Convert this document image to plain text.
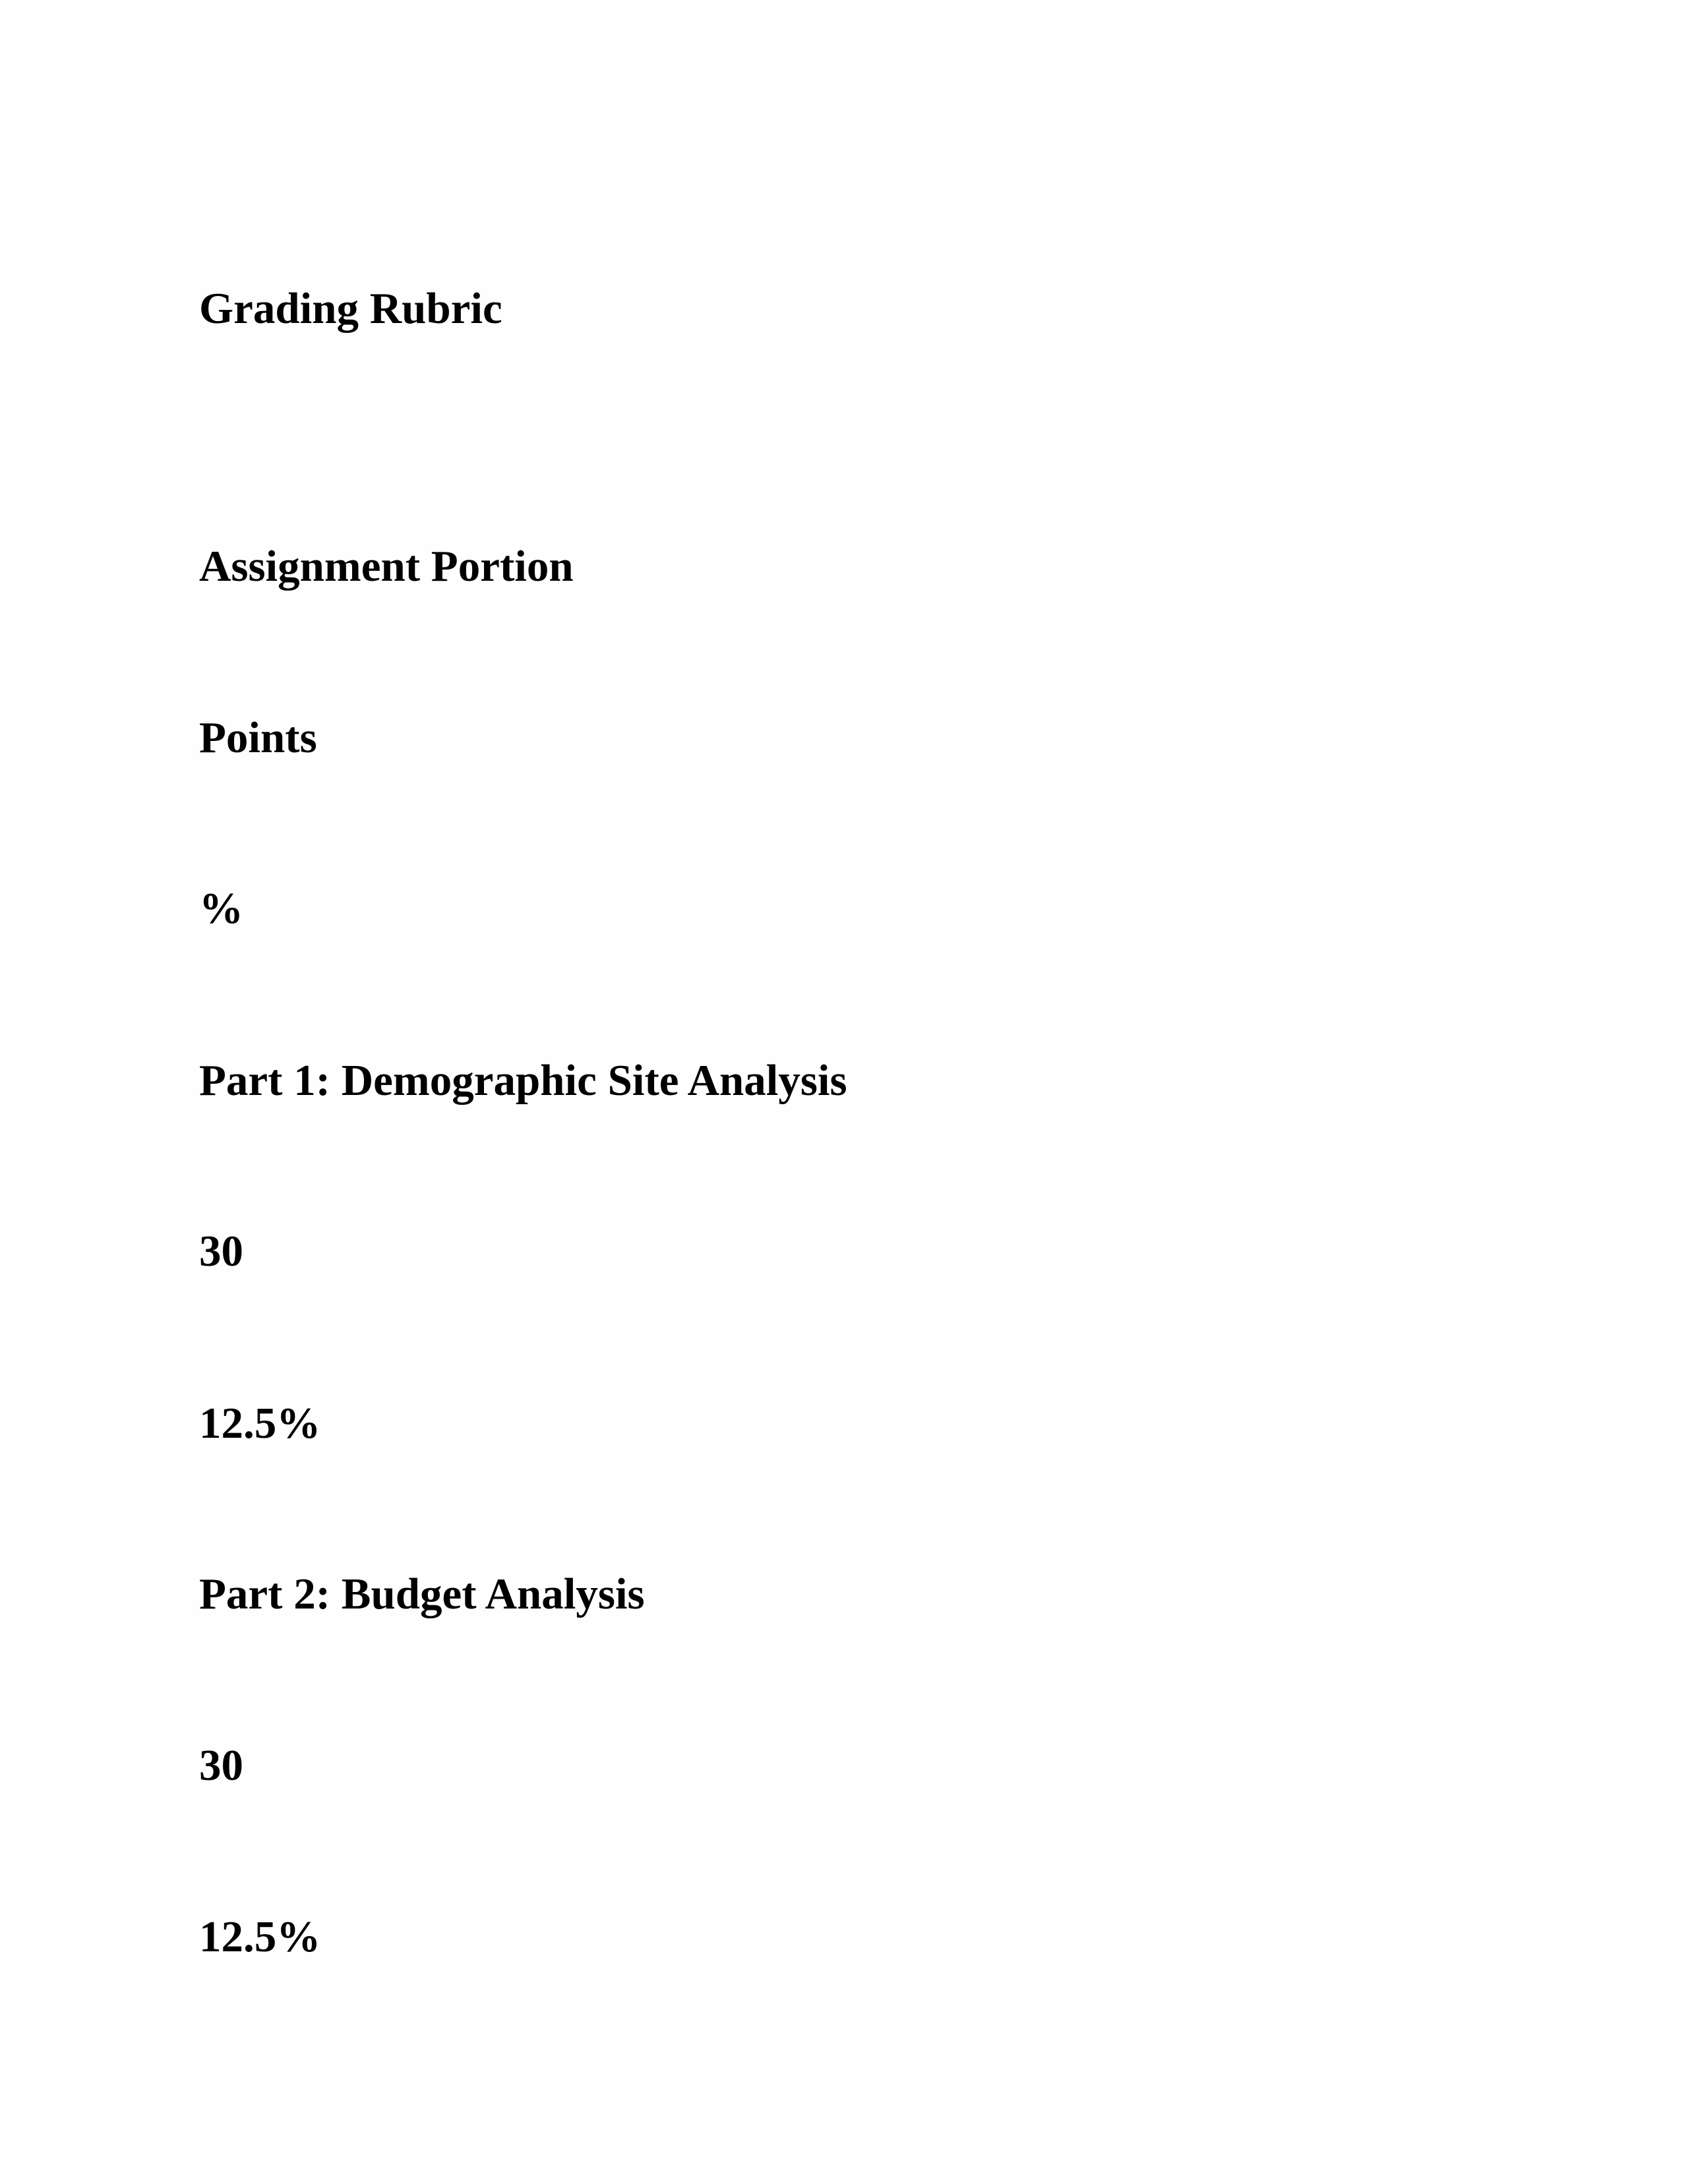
Grading Rubric

Assignment Portion

Points

%

Part 1: Demographic Site Analysis

30

12.5%

Part 2: Budget Analysis

30

12.5%
